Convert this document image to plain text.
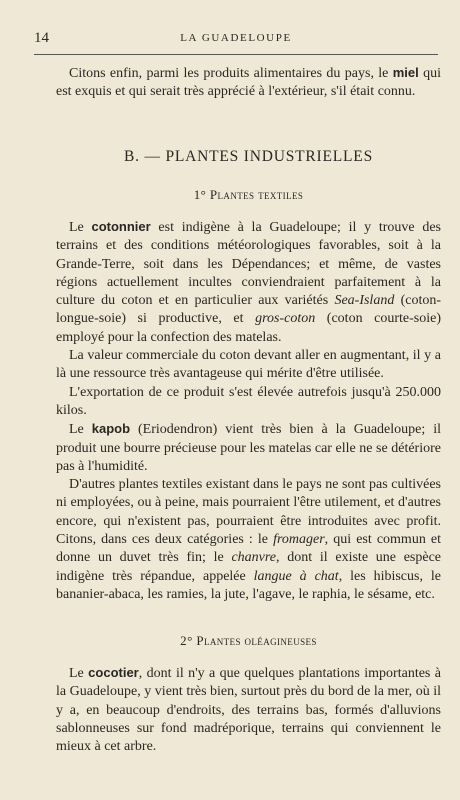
14	LA GUADELOUPE

Citons enfin, parmi les produits alimentaires du pays, le miel qui est exquis et qui serait très apprécié à l'extérieur, s'il était connu.

B. — PLANTES INDUSTRIELLES
1° Plantes textiles

Le cotonnier est indigène à la Guadeloupe; il y trouve des terrains et des conditions météorologiques favorables, soit à la Grande-Terre, soit dans les Dépendances; et même, de vastes régions actuellement incultes conviendraient parfaitement à la culture du coton et en particulier aux variétés Sea-Island (coton-longue-soie) si productive, et gros-coton (coton courte-soie) employé pour la confection des matelas.

La valeur commerciale du coton devant aller en augmentant, il y a là une ressource très avantageuse qui mérite d'être utilisée.

L'exportation de ce produit s'est élevée autrefois jusqu'à 250.000 kilos.

Le kapob (Eriodendron) vient très bien à la Guadeloupe; il produit une bourre précieuse pour les matelas car elle ne se détériore pas à l'humidité.

D'autres plantes textiles existant dans le pays ne sont pas cultivées ni employées, ou à peine, mais pourraient l'être utilement, et d'autres encore, qui n'existent pas, pourraient être introduites avec profit. Citons, dans ces deux catégories : le fromager, qui est commun et donne un duvet très fin; le chanvre, dont il existe une espèce indigène très répandue, appelée langue à chat, les hibiscus, le bananier-abaca, les ramies, la jute, l'agave, le raphia, le sésame, etc.

2° Plantes oléagineuses

Le cocotier, dont il n'y a que quelques plantations importantes à la Guadeloupe, y vient très bien, surtout près du bord de la mer, où il y a, en beaucoup d'endroits, des terrains bas, formés d'alluvions sablonneuses sur fond madréporique, terrains qui conviennent le mieux à cet arbre.
